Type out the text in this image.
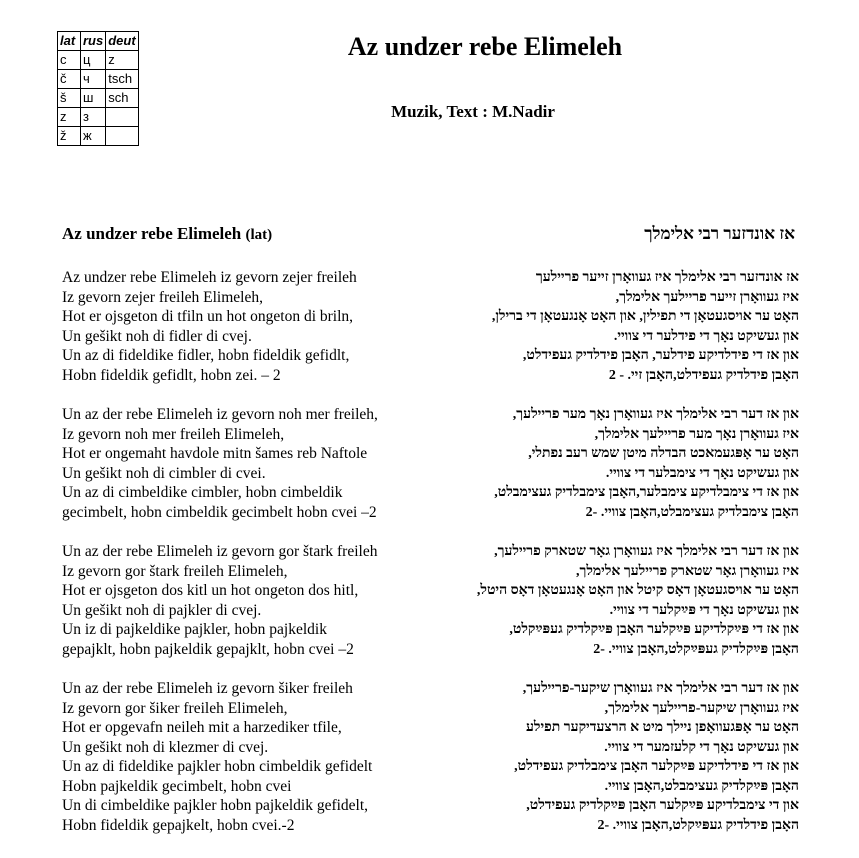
lat	rus	deut
c	ц	z
č	ч	tsch
š	ш	sch
z	з	
ž	ж	
Az undzer rebe Elimeleh
Muzik, Text : M.Nadir
Az undzer rebe Elimeleh (lat)	אז אונדזער רבי אלימלך
Az undzer rebe Elimeleh iz gevorn zejer freileh
Iz gevorn zejer freileh Elimeleh,
Hot er ojsgeton di tfiln un hot ongeton di briln,
Un gešikt noh di fidler di cvej.
Un az di fideldike fidler, hobn fideldik gefidlt,
Hobn fideldik gefidlt, hobn zei. – 2
Un az der rebe Elimeleh iz gevorn noh mer freileh,
Iz gevorn noh mer freileh Elimeleh,
Hot er ongemaht havdole mitn šames reb Naftole
Un gešikt noh di cimbler di cvei.
Un az di cimbeldike cimbler, hobn cimbeldik
gecimbelt, hobn cimbeldik gecimbelt hobn cvei –2
Un az der rebe Elimeleh iz gevorn gor štark freileh
Iz gevorn gor štark freileh Elimeleh,
Hot er ojsgeton dos kitl un hot ongeton dos hitl,
Un gešikt noh di pajkler di cvej.
Un iz di pajkeldike pajkler, hobn pajkeldik
gepajklt, hobn pajkeldik gepajklt, hobn cvei –2
Un az der rebe Elimeleh iz gevorn šiker freileh
Iz gevorn gor šiker freileh Elimeleh,
Hot er opgevafn neileh mit a harzediker tfile,
Un gešikt noh di klezmer di cvej.
Un az di fideldike pajkler hobn cimbeldik gefidelt
Hobn pajkeldik gecimbelt, hobn cvei
Un di cimbeldike pajkler hobn pajkeldik gefidelt,
Hobn fideldik gepajkelt, hobn cvei.-2
אז אונדזער רבי אלימלך איז געוואָרן זייער פריילעך
איז געוואָרן זייער פריילעך אלימלך,
האָט ער אויסגעטאָן די תפילין, און האָט אָנגעטאָן די ברילן,
און געשיקט נאָך די פידלער די צוויי.
און אז די פידלדיקע פידלער, האָבן פידלדיק געפידלט,
האָבן פידלדיק געפידלט,האָבן זיי. - 2
און אז דער רבי אלימלך איז געוואָרן נאָך מער פריילעך,
איז געוואָרן נאָך מער פריילעך אלימלך,
האָט ער אָפּגעמאכט הבדלה מיטן שמש רעב נפתלי,
און געשיקט נאָך די צימבלער די צוויי.
און אז די צימבלדיקע צימבלער,האָבן צימבלדיק געצימבלט,
האָבן צימבלדיק געצימבלט,האָבן צוויי. -2
און אז דער רבי אלימלך איז געוואָרן גאָר שטארק פריילעך,
איז געוואָרן גאָר שטארק פריילעך אלימלך,
האָט ער אויסגעטאָן דאָס קיטל און האָט אָנגעטאָן דאָס היטל,
און געשיקט נאָך די פּײַקלער די צוויי.
און אז די פּײַקלדיקע פּײַקלער האָבן פּײַקלדיק געפּײַקלט,
האָבן פּײַקלדיק געפּײַקלט,האָבן צוויי. -2
און אז דער רבי אלימלך איז געוואָרן שיקער-פריילעך,
איז געוואָרן שיקער-פריילעך אלימלך,
האָט ער אָפּגעוואָפן נײלך מיט א הרצעדיקער תפילע
און געשיקט נאָך די קלעזמער די צוויי.
און אז די פידלדיקע פּײַקלער האָבן צימבלדיק געפידלט,
האָבן פּײַקלדיק געצימבלט,האָבן צוויי.
און די צימבלדיקע פּײַקלער האָבן פּײַקלדיק געפידלט,
האָבן פידלדיק געפּײַקלט,האָבן צוויי. -2
